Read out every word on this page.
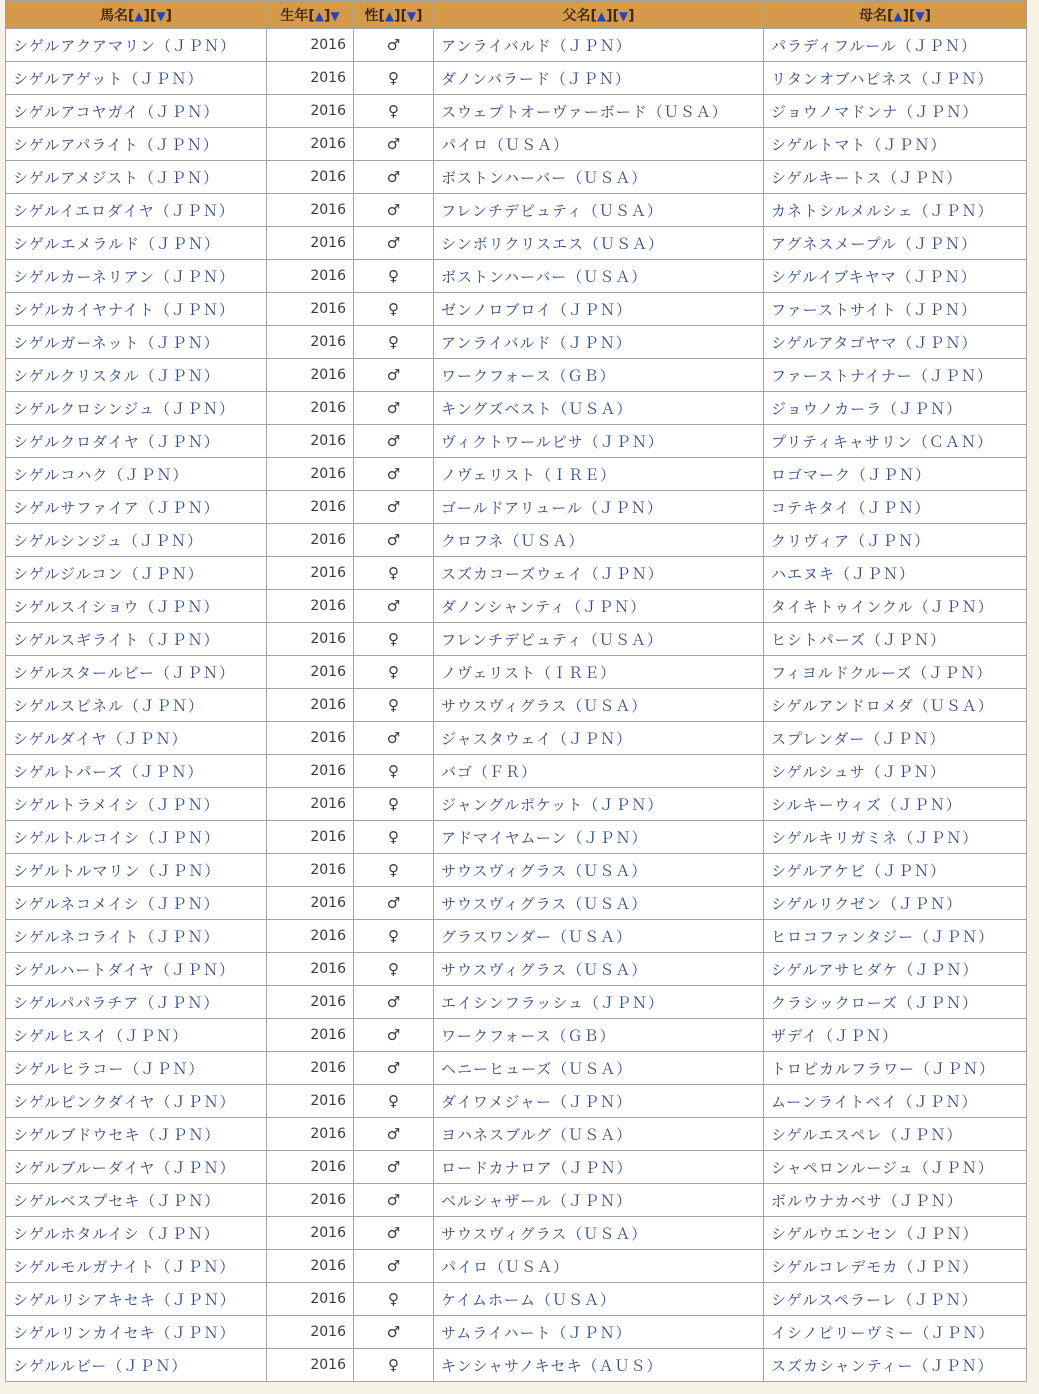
馬名[▲][▼]	生年[▲]▼	性[▲][▼]	父名[▲][▼]	母名[▲][▼]
シゲルアクアマリン（ＪＰＮ）	2016	♂	アンライバルド（ＪＰＮ）	パラディフルール（ＪＰＮ）
シゲルアゲット（ＪＰＮ）	2016	♀	ダノンバラード（ＪＰＮ）	リタンオブハピネス（ＪＰＮ）
シゲルアコヤガイ（ＪＰＮ）	2016	♀	スウェプトオーヴァーボード（ＵＳＡ）	ジョウノマドンナ（ＪＰＮ）
シゲルアパライト（ＪＰＮ）	2016	♂	パイロ（ＵＳＡ）	シゲルトマト（ＪＰＮ）
シゲルアメジスト（ＪＰＮ）	2016	♂	ボストンハーバー（ＵＳＡ）	シゲルキートス（ＪＰＮ）
シゲルイエロダイヤ（ＪＰＮ）	2016	♂	フレンチデピュティ（ＵＳＡ）	カネトシルメルシェ（ＪＰＮ）
シゲルエメラルド（ＪＰＮ）	2016	♂	シンボリクリスエス（ＵＳＡ）	アグネスメープル（ＪＰＮ）
シゲルカーネリアン（ＪＰＮ）	2016	♀	ボストンハーバー（ＵＳＡ）	シゲルイブキヤマ（ＪＰＮ）
シゲルカイヤナイト（ＪＰＮ）	2016	♀	ゼンノロブロイ（ＪＰＮ）	ファーストサイト（ＪＰＮ）
シゲルガーネット（ＪＰＮ）	2016	♀	アンライバルド（ＪＰＮ）	シゲルアタゴヤマ（ＪＰＮ）
シゲルクリスタル（ＪＰＮ）	2016	♂	ワークフォース（ＧＢ）	ファーストナイナー（ＪＰＮ）
シゲルクロシンジュ（ＪＰＮ）	2016	♂	キングズベスト（ＵＳＡ）	ジョウノカーラ（ＪＰＮ）
シゲルクロダイヤ（ＪＰＮ）	2016	♂	ヴィクトワールピサ（ＪＰＮ）	プリティキャサリン（ＣＡＮ）
シゲルコハク（ＪＰＮ）	2016	♂	ノヴェリスト（ＩＲＥ）	ロゴマーク（ＪＰＮ）
シゲルサファイア（ＪＰＮ）	2016	♂	ゴールドアリュール（ＪＰＮ）	コテキタイ（ＪＰＮ）
シゲルシンジュ（ＪＰＮ）	2016	♂	クロフネ（ＵＳＡ）	クリヴィア（ＪＰＮ）
シゲルジルコン（ＪＰＮ）	2016	♀	スズカコーズウェイ（ＪＰＮ）	ハエヌキ（ＪＰＮ）
シゲルスイショウ（ＪＰＮ）	2016	♂	ダノンシャンティ（ＪＰＮ）	タイキトゥインクル（ＪＰＮ）
シゲルスギライト（ＪＰＮ）	2016	♀	フレンチデピュティ（ＵＳＡ）	ヒシトパーズ（ＪＰＮ）
シゲルスタールビー（ＪＰＮ）	2016	♀	ノヴェリスト（ＩＲＥ）	フィヨルドクルーズ（ＪＰＮ）
シゲルスピネル（ＪＰＮ）	2016	♀	サウスヴィグラス（ＵＳＡ）	シゲルアンドロメダ（ＵＳＡ）
シゲルダイヤ（ＪＰＮ）	2016	♂	ジャスタウェイ（ＪＰＮ）	スプレンダー（ＪＰＮ）
シゲルトパーズ（ＪＰＮ）	2016	♀	バゴ（ＦＲ）	シゲルシュサ（ＪＰＮ）
シゲルトラメイシ（ＪＰＮ）	2016	♀	ジャングルポケット（ＪＰＮ）	シルキーウィズ（ＪＰＮ）
シゲルトルコイシ（ＪＰＮ）	2016	♀	アドマイヤムーン（ＪＰＮ）	シゲルキリガミネ（ＪＰＮ）
シゲルトルマリン（ＪＰＮ）	2016	♀	サウスヴィグラス（ＵＳＡ）	シゲルアケビ（ＪＰＮ）
シゲルネコメイシ（ＪＰＮ）	2016	♂	サウスヴィグラス（ＵＳＡ）	シゲルリクゼン（ＪＰＮ）
シゲルネコライト（ＪＰＮ）	2016	♀	グラスワンダー（ＵＳＡ）	ヒロコファンタジー（ＪＰＮ）
シゲルハートダイヤ（ＪＰＮ）	2016	♀	サウスヴィグラス（ＵＳＡ）	シゲルアサヒダケ（ＪＰＮ）
シゲルパパラチア（ＪＰＮ）	2016	♂	エイシンフラッシュ（ＪＰＮ）	クラシックローズ（ＪＰＮ）
シゲルヒスイ（ＪＰＮ）	2016	♂	ワークフォース（ＧＢ）	ザデイ（ＪＰＮ）
シゲルヒラコー（ＪＰＮ）	2016	♂	ヘニーヒューズ（ＵＳＡ）	トロピカルフラワー（ＪＰＮ）
シゲルピンクダイヤ（ＪＰＮ）	2016	♀	ダイワメジャー（ＪＰＮ）	ムーンライトベイ（ＪＰＮ）
シゲルブドウセキ（ＪＰＮ）	2016	♂	ヨハネスブルグ（ＵＳＡ）	シゲルエスペレ（ＪＰＮ）
シゲルブルーダイヤ（ＪＰＮ）	2016	♂	ロードカナロア（ＪＰＮ）	シャペロンルージュ（ＪＰＮ）
シゲルベスプセキ（ＪＰＮ）	2016	♂	ベルシャザール（ＪＰＮ）	ボルウナカベサ（ＪＰＮ）
シゲルホタルイシ（ＪＰＮ）	2016	♂	サウスヴィグラス（ＵＳＡ）	シゲルウエンセン（ＪＰＮ）
シゲルモルガナイト（ＪＰＮ）	2016	♂	パイロ（ＵＳＡ）	シゲルコレデモカ（ＪＰＮ）
シゲルリシアキセキ（ＪＰＮ）	2016	♀	ケイムホーム（ＵＳＡ）	シゲルスペラーレ（ＪＰＮ）
シゲルリンカイセキ（ＪＰＮ）	2016	♂	サムライハート（ＪＰＮ）	イシノピリーヴミー（ＪＰＮ）
シゲルルビー（ＪＰＮ）	2016	♀	キンシャサノキセキ（ＡＵＳ）	スズカシャンティー（ＪＰＮ）
